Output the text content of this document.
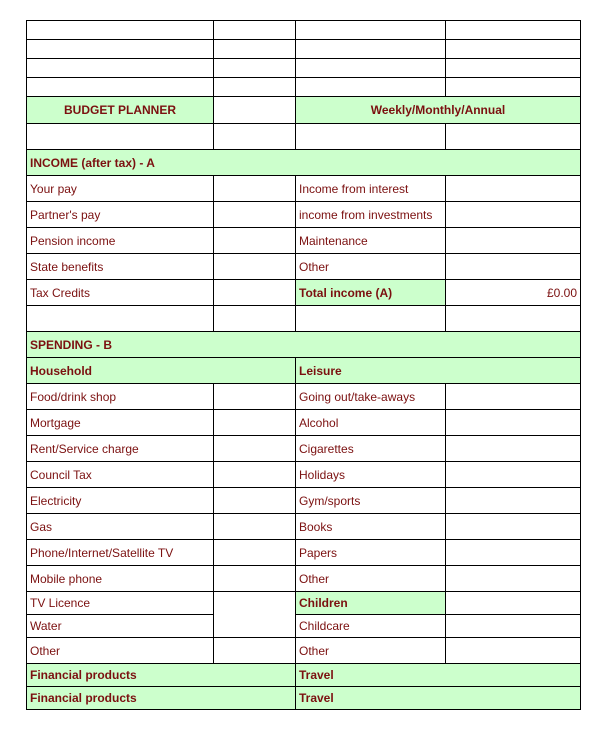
BUDGET PLANNER		Weekly/Monthly/Annual	

INCOME (after tax) - A			
Your pay		Income from interest	
Partner's pay		income from investments	
Pension income		Maintenance	
State benefits		Other	
Tax Credits		Total income (A)	£0.00

SPENDING - B			
Household		Leisure	
Food/drink shop		Going out/take-aways	
Mortgage		Alcohol	
Rent/Service charge		Cigarettes	
Council Tax		Holidays	
Electricity		Gym/sports	
Gas		Books	
Phone/Internet/Satellite TV		Papers	
Mobile phone		Other	
TV Licence		Children	
Water		Childcare	
Other		Other	
Financial products		Travel	
Financial products		Travel	
